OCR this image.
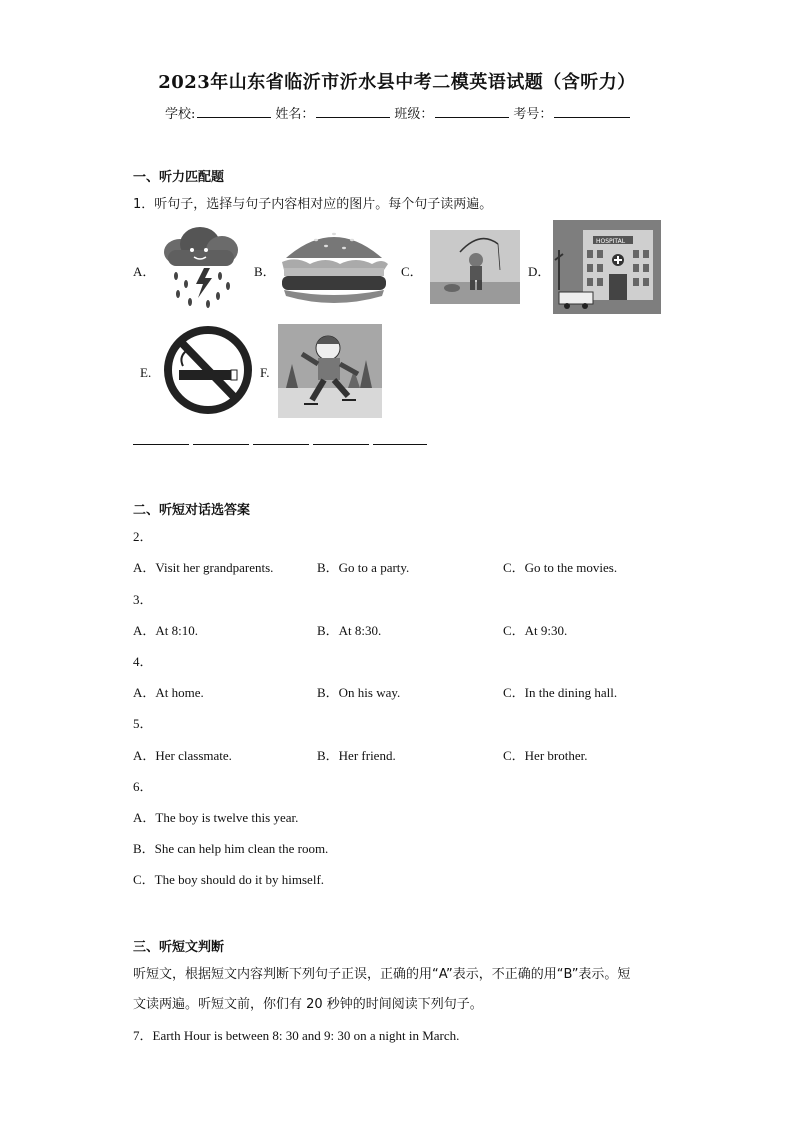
2023年山东省临沂市沂水县中考二模英语试题（含听力）
学校:	姓名：	班级：	考号：
一、听力匹配题
1．听句子，选择与句子内容相对应的图片。每个句子读两遍。
A．	B．	C．	D．
HOSPITAL
E.	F.
二、听短对话选答案
2．
A．Visit her grandparents.	B．Go to a party.	C．Go to the movies.
3．
A．At 8:10.	B．At 8:30.	C．At 9:30.
4．
A．At home.	B．On his way.	C．In the dining hall.
5．
A．Her classmate.	B．Her friend.	C．Her brother.
6．
A．The boy is twelve this year.
B．She can help him clean the room.
C．The boy should do it by himself.
三、听短文判断
听短文，根据短文内容判断下列句子正误，正确的用“A”表示，不正确的用“B”表示。短
文读两遍。听短文前，你们有 20 秒钟的时间阅读下列句子。
7．Earth Hour is between 8: 30 and 9: 30 on a night in March.
